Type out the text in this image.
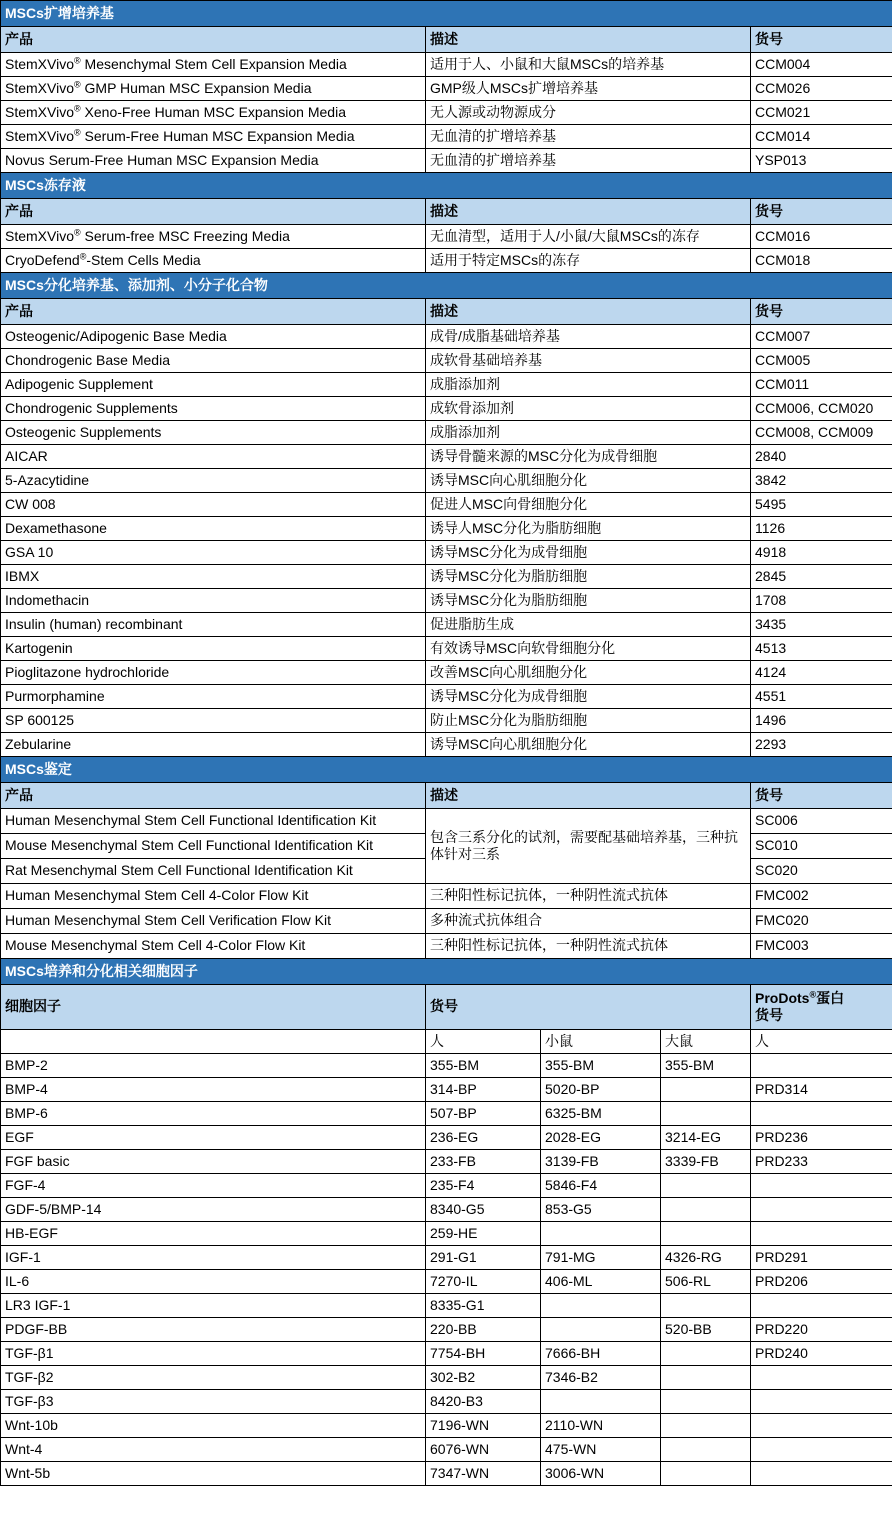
MSCs扩增培养基		
产品	描述	货号
StemXVivo® Mesenchymal Stem Cell Expansion Media	适用于人、小鼠和大鼠MSCs的培养基	CCM004
StemXVivo® GMP Human MSC Expansion Media	GMP级人MSCs扩增培养基	CCM026
StemXVivo® Xeno-Free Human MSC Expansion Media	无人源或动物源成分	CCM021
StemXVivo® Serum-Free Human MSC Expansion Media	无血清的扩增培养基	CCM014
Novus Serum-Free Human MSC Expansion Media	无血清的扩增培养基	YSP013
MSCs冻存液		
产品	描述	货号
StemXVivo® Serum-free MSC Freezing Media	无血清型，适用于人/小鼠/大鼠MSCs的冻存	CCM016
CryoDefend®-Stem Cells Media	适用于特定MSCs的冻存	CCM018
MSCs分化培养基、添加剂、小分子化合物		
产品	描述	货号
Osteogenic/Adipogenic Base Media	成骨/成脂基础培养基	CCM007
Chondrogenic Base Media	成软骨基础培养基	CCM005
Adipogenic Supplement	成脂添加剂	CCM011
Chondrogenic Supplements	成软骨添加剂	CCM006, CCM020
Osteogenic Supplements	成脂添加剂	CCM008, CCM009
AICAR	诱导骨髓来源的MSC分化为成骨细胞	2840
5-Azacytidine	诱导MSC向心肌细胞分化	3842
CW 008	促进人MSC向骨细胞分化	5495
Dexamethasone	诱导人MSC分化为脂肪细胞	1126
GSA 10	诱导MSC分化为成骨细胞	4918
IBMX	诱导MSC分化为脂肪细胞	2845
Indomethacin	诱导MSC分化为脂肪细胞	1708
Insulin (human) recombinant	促进脂肪生成	3435
Kartogenin	有效诱导MSC向软骨细胞分化	4513
Pioglitazone hydrochloride	改善MSC向心肌细胞分化	4124
Purmorphamine	诱导MSC分化为成骨细胞	4551
SP 600125	防止MSC分化为脂肪细胞	1496
Zebularine	诱导MSC向心肌细胞分化	2293
MSCs鉴定		
产品	描述	货号
Human Mesenchymal Stem Cell Functional Identification Kit	包含三系分化的试剂，需要配基础培养基，三种抗体针对三系	SC006
Mouse Mesenchymal Stem Cell Functional Identification Kit		SC010
Rat Mesenchymal Stem Cell Functional Identification Kit		SC020
Human Mesenchymal Stem Cell 4-Color Flow Kit	三种阳性标记抗体，一种阴性流式抗体	FMC002
Human Mesenchymal Stem Cell Verification Flow Kit	多种流式抗体组合	FMC020
Mouse Mesenchymal Stem Cell 4-Color Flow Kit	三种阳性标记抗体，一种阴性流式抗体	FMC003
MSCs培养和分化相关细胞因子				
细胞因子	货号			ProDots®蛋白
货号
	人	小鼠	大鼠	人
BMP-2	355-BM	355-BM	355-BM	
BMP-4	314-BP	5020-BP		PRD314
BMP-6	507-BP	6325-BM		
EGF	236-EG	2028-EG	3214-EG	PRD236
FGF basic	233-FB	3139-FB	3339-FB	PRD233
FGF-4	235-F4	5846-F4		
GDF-5/BMP-14	8340-G5	853-G5		
HB-EGF	259-HE			
IGF-1	291-G1	791-MG	4326-RG	PRD291
IL-6	7270-IL	406-ML	506-RL	PRD206
LR3 IGF-1	8335-G1			
PDGF-BB	220-BB		520-BB	PRD220
TGF-β1	7754-BH	7666-BH		PRD240
TGF-β2	302-B2	7346-B2		
TGF-β3	8420-B3			
Wnt-10b	7196-WN	2110-WN		
Wnt-4	6076-WN	475-WN		
Wnt-5b	7347-WN	3006-WN		
